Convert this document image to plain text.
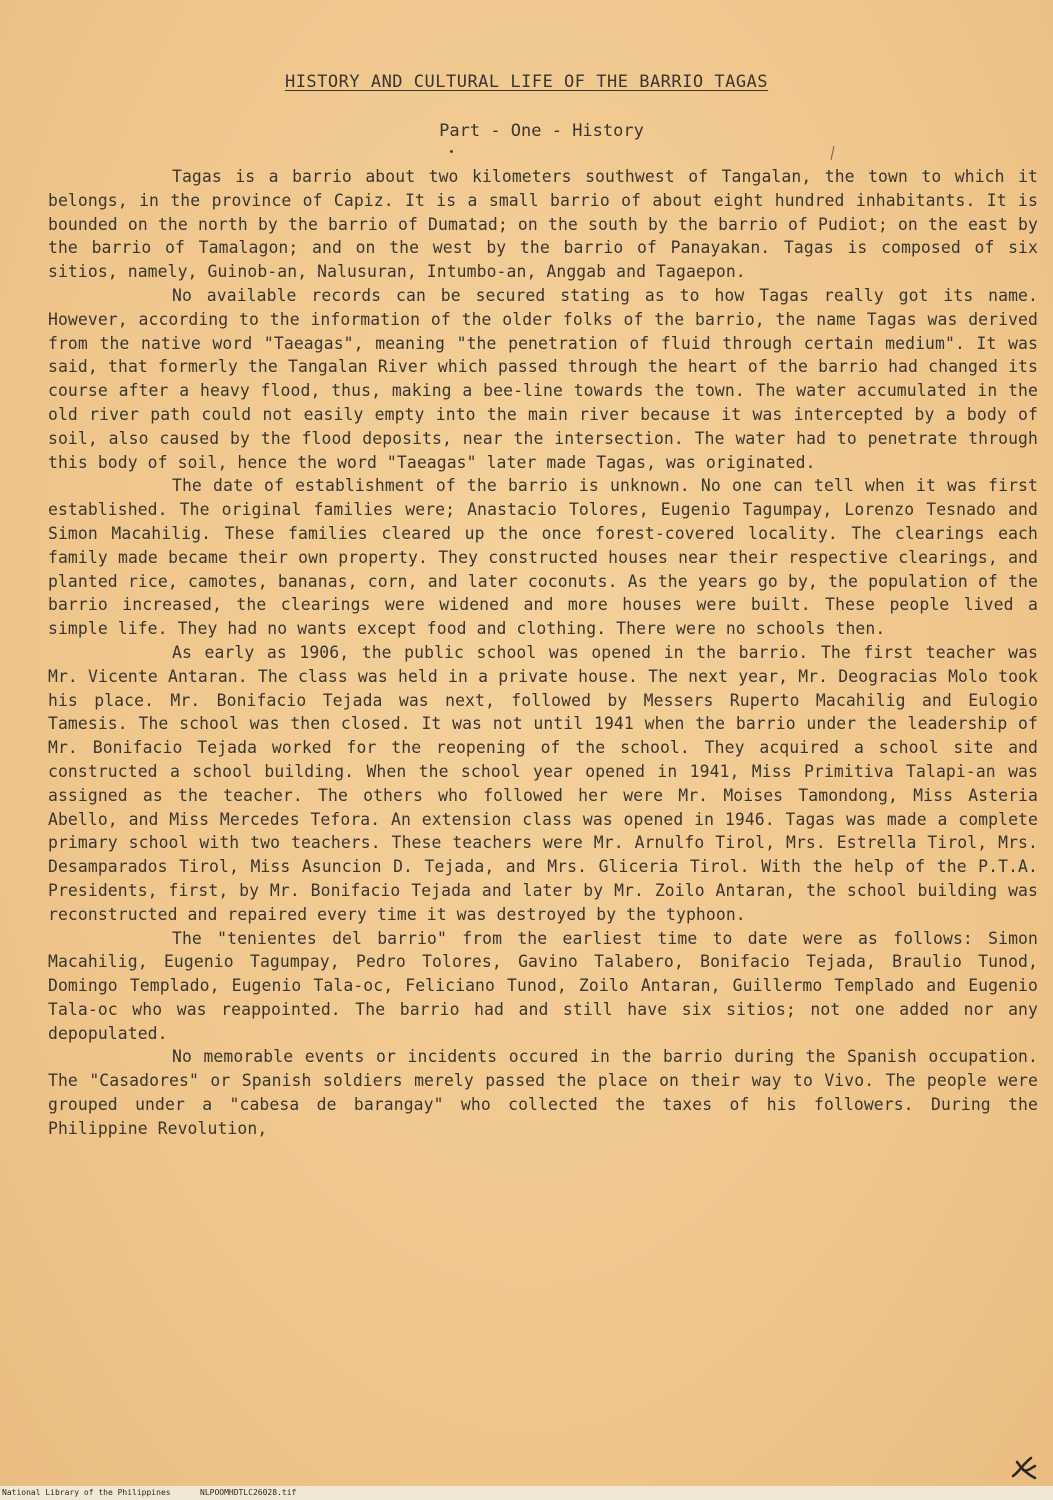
HISTORY AND CULTURAL LIFE OF THE BARRIO TAGAS
Part - One - History

Tagas is a barrio about two kilometers southwest of Tangalan, the town to which it belongs, in the province of Capiz. It is a small barrio of about eight hundred inhabitants. It is bounded on the north by the barrio of Dumatad; on the south by the barrio of Pudiot; on the east by the barrio of Tamalagon; and on the west by the barrio of Panayakan. Tagas is composed of six sitios, namely, Guinob-an, Nalusuran, Intumbo-an, Anggab and Tagaepon.

No available records can be secured stating as to how Tagas really got its name. However, according to the information of the older folks of the barrio, the name Tagas was derived from the native word "Taeagas", meaning "the penetration of fluid through certain medium". It was said, that formerly the Tangalan River which passed through the heart of the barrio had changed its course after a heavy flood, thus, making a bee-line towards the town. The water accumulated in the old river path could not easily empty into the main river because it was intercepted by a body of soil, also caused by the flood deposits, near the intersection. The water had to penetrate through this body of soil, hence the word "Taeagas" later made Tagas, was originated.

The date of establishment of the barrio is unknown. No one can tell when it was first established. The original families were; Anastacio Tolores, Eugenio Tagumpay, Lorenzo Tesnado and Simon Macahilig. These families cleared up the once forest-covered locality. The clearings each family made became their own property. They constructed houses near their respective clearings, and planted rice, camotes, bananas, corn, and later coconuts. As the years go by, the population of the barrio increased, the clearings were widened and more houses were built. These people lived a simple life. They had no wants except food and clothing. There were no schools then.

As early as 1906, the public school was opened in the barrio. The first teacher was Mr. Vicente Antaran. The class was held in a private house. The next year, Mr. Deogracias Molo took his place. Mr. Bonifacio Tejada was next, followed by Messers Ruperto Macahilig and Eulogio Tamesis. The school was then closed. It was not until 1941 when the barrio under the leadership of Mr. Bonifacio Tejada worked for the reopening of the school. They acquired a school site and constructed a school building. When the school year opened in 1941, Miss Primitiva Talapi-an was assigned as the teacher. The others who followed her were Mr. Moises Tamondong, Miss Asteria Abello, and Miss Mercedes Tefora. An extension class was opened in 1946. Tagas was made a complete primary school with two teachers. These teachers were Mr. Arnulfo Tirol, Mrs. Estrella Tirol, Mrs. Desamparados Tirol, Miss Asuncion D. Tejada, and Mrs. Gliceria Tirol. With the help of the P.T.A. Presidents, first, by Mr. Bonifacio Tejada and later by Mr. Zoilo Antaran, the school building was reconstructed and repaired every time it was destroyed by the typhoon.

The "tenientes del barrio" from the earliest time to date were as follows: Simon Macahilig, Eugenio Tagumpay, Pedro Tolores, Gavino Talabero, Bonifacio Tejada, Braulio Tunod, Domingo Templado, Eugenio Tala-oc, Feliciano Tunod, Zoilo Antaran, Guillermo Templado and Eugenio Tala-oc who was reappointed. The barrio had and still have six sitios; not one added nor any depopulated.

No memorable events or incidents occured in the barrio during the Spanish occupation. The "Casadores" or Spanish soldiers merely passed the place on their way to Vivo. The people were grouped under a "cabesa de barangay" who collected the taxes of his followers. During the Philippine Revolution,

National Library of the Philippines	NLPOOMHDTLC26028.tif
